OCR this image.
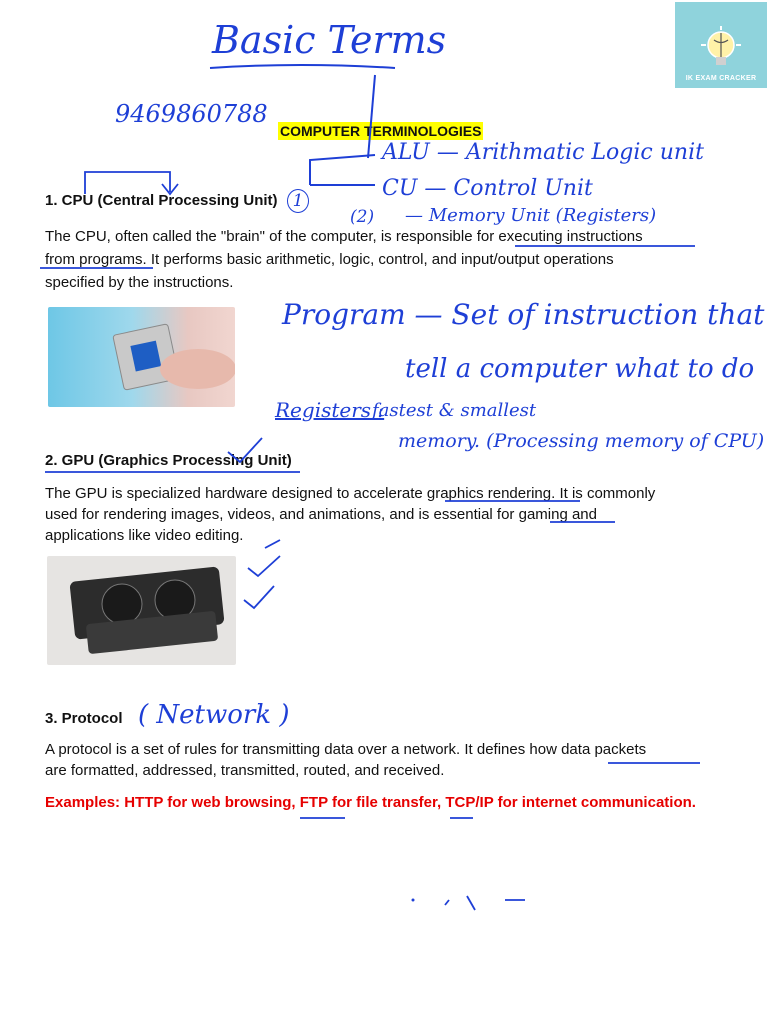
IK EXAM CRACKER
Basic Terms
9469860788
COMPUTER TERMINOLOGIES
ALU — Arithmatic Logic unit
CU — Control Unit
(2) — Memory Unit (Registers)
1. CPU (Central Processing Unit) 1
The CPU, often called the "brain" of the computer, is responsible for executing instructions
from programs. It performs basic arithmetic, logic, control, and input/output operations
specified by the instructions.
Program — Set of instruction that
tell a computer what to do
Registers :
fastest & smallest
memory. (Processing memory of CPU)
2. GPU (Graphics Processing Unit)
The GPU is specialized hardware designed to accelerate graphics rendering. It is commonly
used for rendering images, videos, and animations, and is essential for gaming and
applications like video editing.
3. Protocol ( Network )
A protocol is a set of rules for transmitting data over a network. It defines how data packets
are formatted, addressed, transmitted, routed, and received.
Examples: HTTP for web browsing, FTP for file transfer, TCP/IP for internet communication.
